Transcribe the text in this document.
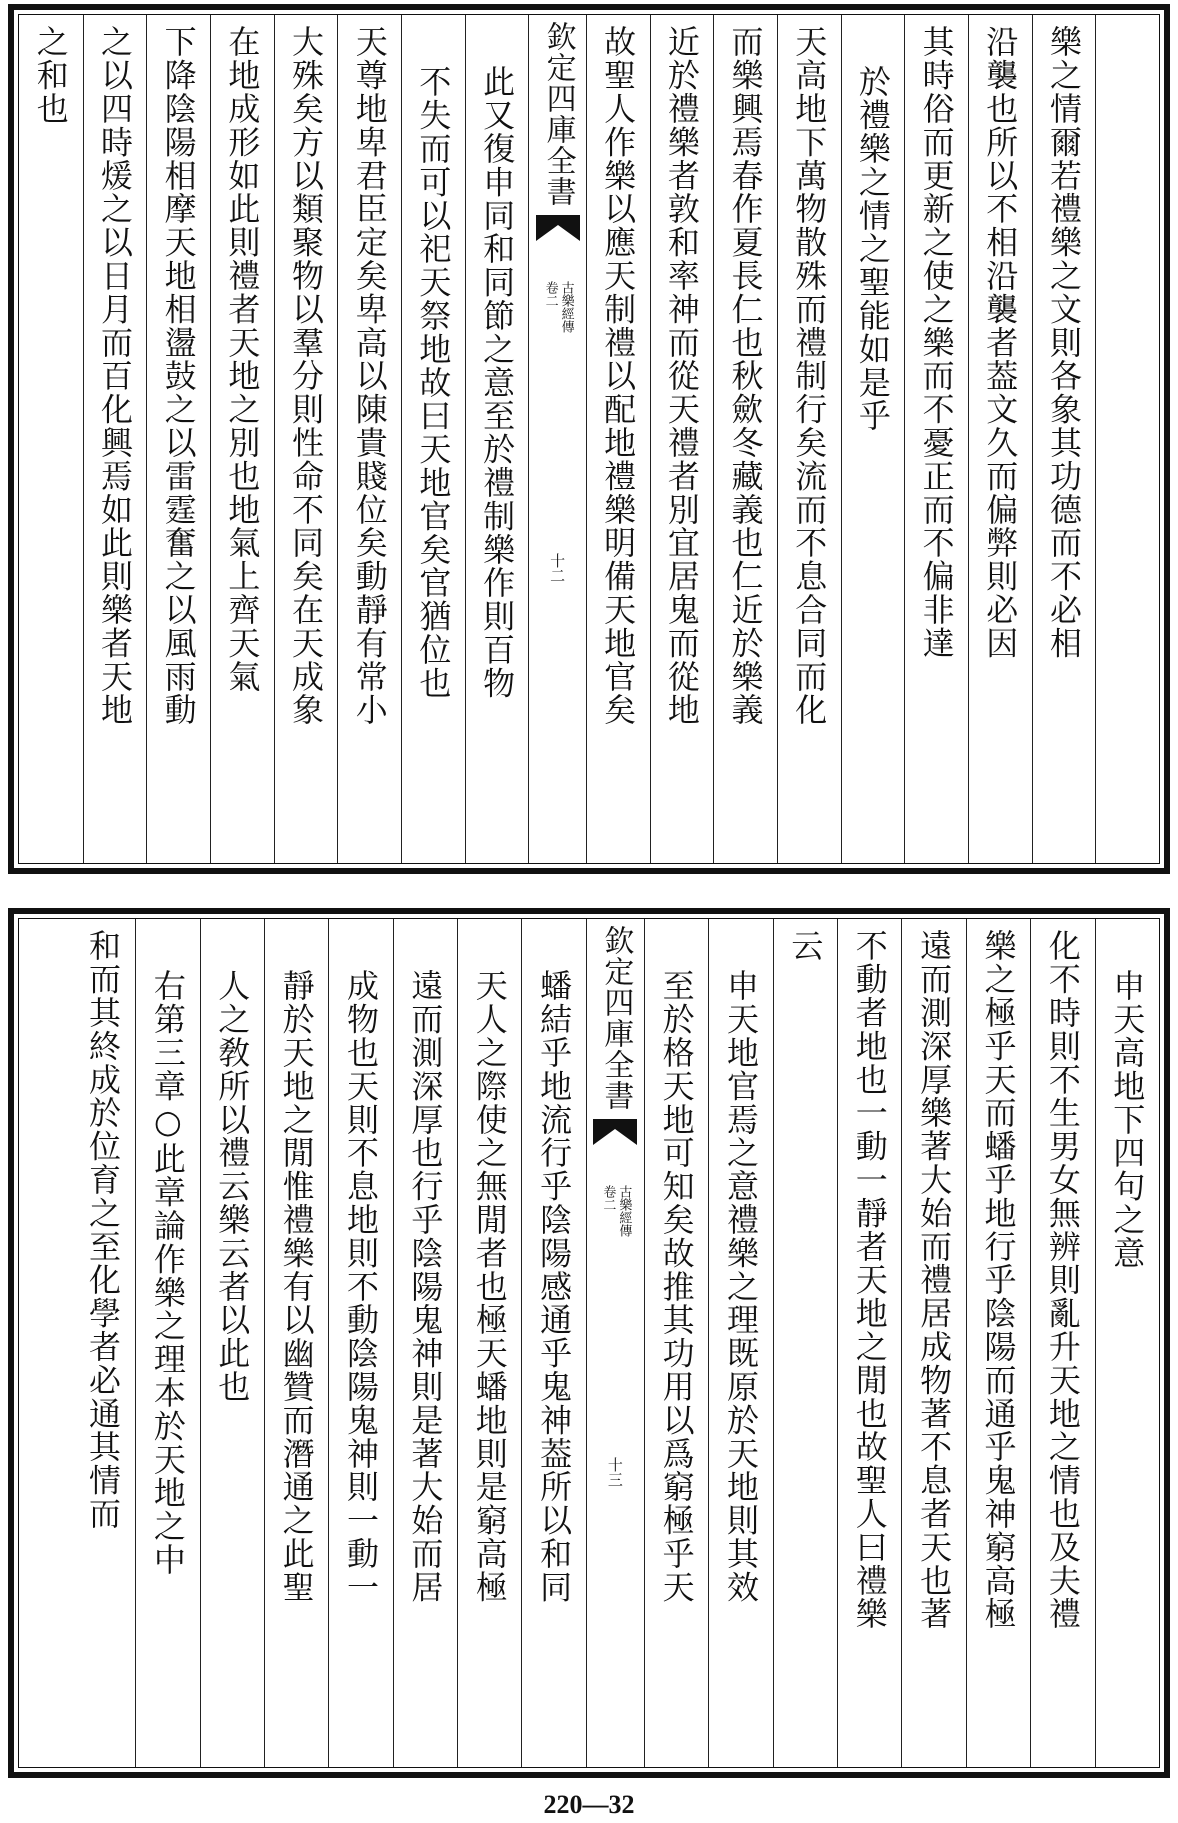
樂之情爾若禮樂之文則各象其功德而不必相
沿襲也所以不相沿襲者葢文久而偏弊則必因
其時俗而更新之使之樂而不憂正而不偏非達
於禮樂之情之聖能如是乎
天高地下萬物散殊而禮制行矣流而不息合同而化
而樂興焉春作夏長仁也秋歛冬藏義也仁近於樂義
近於禮樂者敦和率神而從天禮者別宜居鬼而從地
故聖人作樂以應天制禮以配地禮樂明備天地官矣
欽定四庫全書
古樂經傳
卷二
十二
此又復申同和同節之意至於禮制樂作則百物
不失而可以祀天祭地故曰天地官矣官猶位也
天尊地卑君臣定矣卑高以陳貴賤位矣動靜有常小
大殊矣方以類聚物以羣分則性命不同矣在天成象
在地成形如此則禮者天地之別也地氣上齊天氣
下降陰陽相摩天地相盪鼔之以雷霆奮之以風雨動
之以四時煖之以日月而百化興焉如此則樂者天地
之和也
申天高地下四句之意
化不時則不生男女無辨則亂升天地之情也及夫禮
樂之極乎天而蟠乎地行乎陰陽而通乎鬼神窮高極
遠而測深厚樂著大始而禮居成物著不息者天也著
不動者地也一動一靜者天地之閒也故聖人曰禮樂
云
申天地官焉之意禮樂之理既原於天地則其效
至於格天地可知矣故推其功用以爲窮極乎天
欽定四庫全書
古樂經傳
卷二
十三
蟠結乎地流行乎陰陽感通乎鬼神葢所以和同
天人之際使之無閒者也極天蟠地則是窮高極
遠而測深厚也行乎陰陽鬼神則是著大始而居
成物也天則不息地則不動陰陽鬼神則一動一
靜於天地之閒惟禮樂有以幽贊而潛通之此聖
人之敎所以禮云樂云者以此也
右第三章○此章論作樂之理本於天地之中
和而其終成於位育之至化學者必通其情而
220—32
